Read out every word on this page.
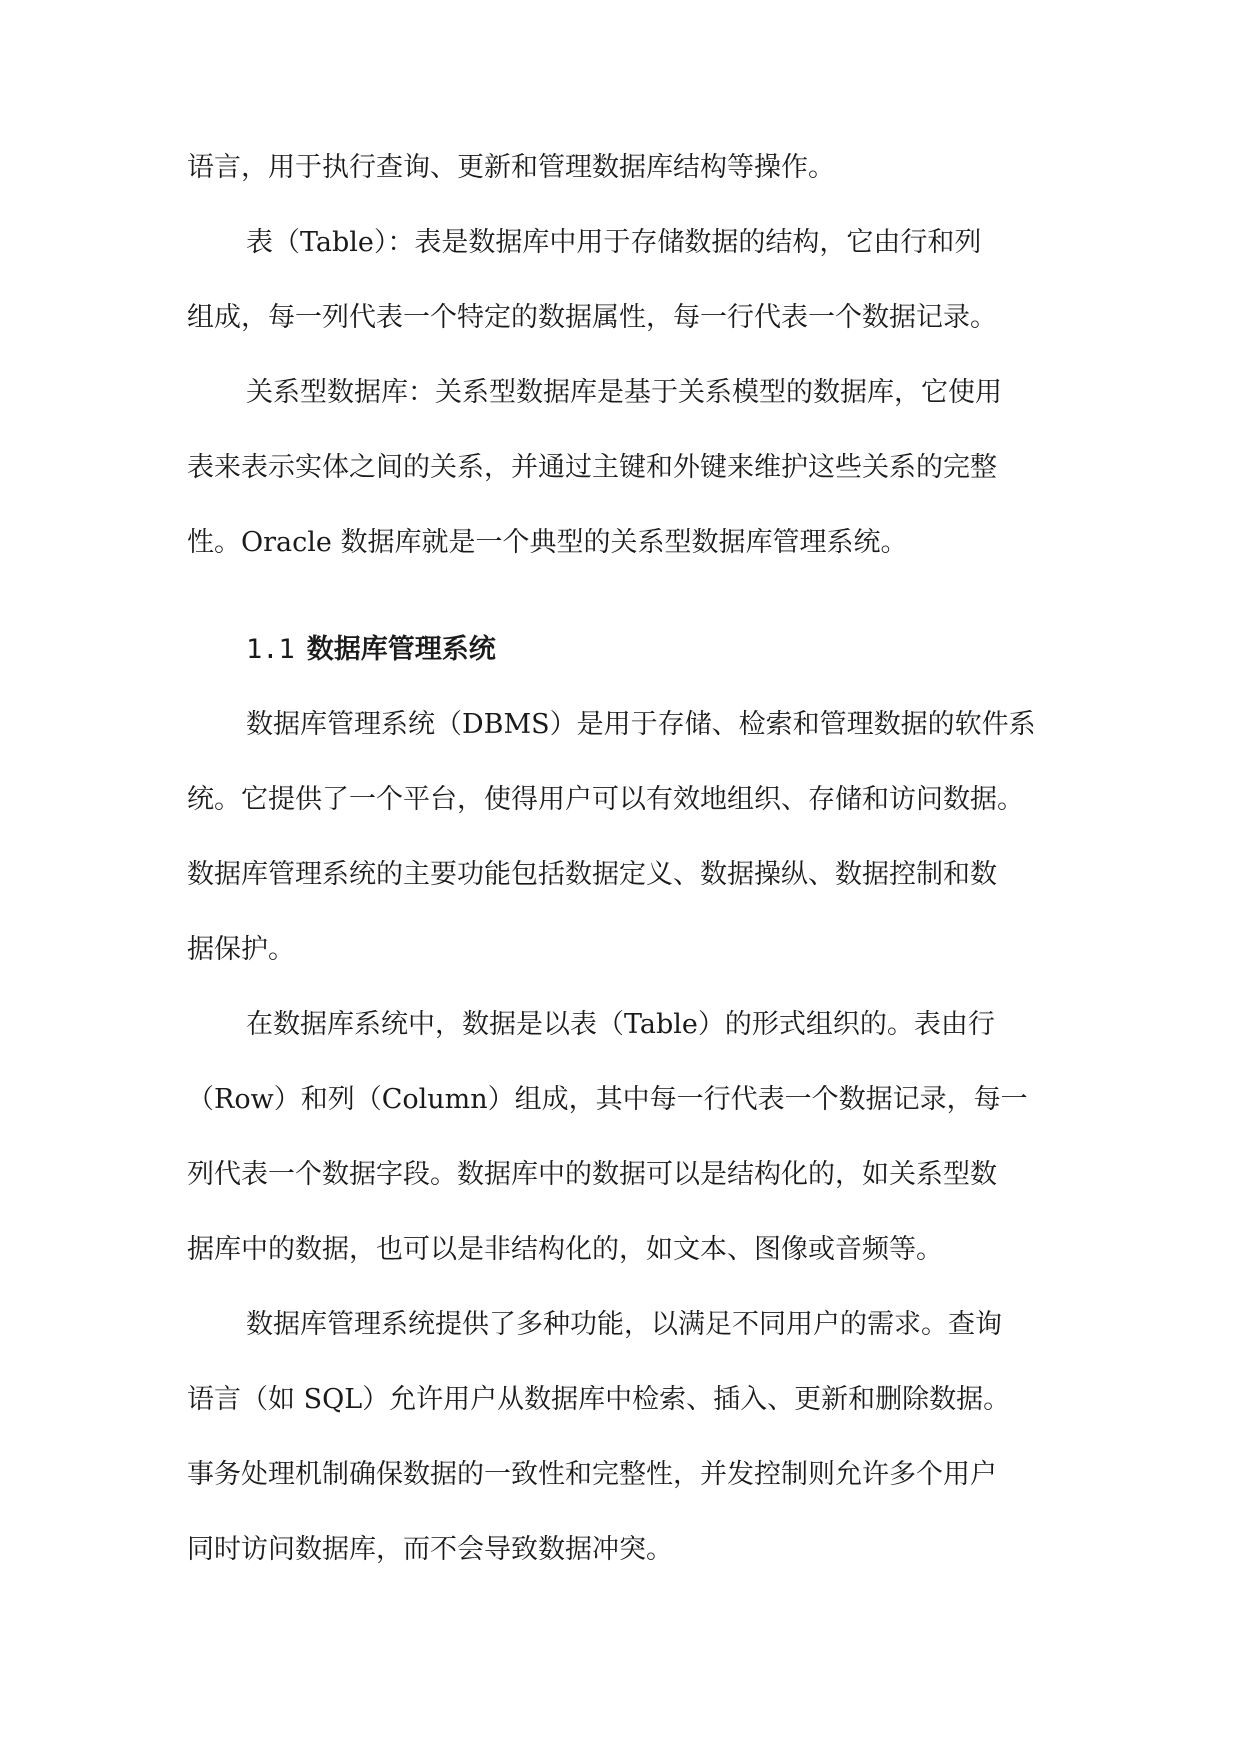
语言，用于执行查询、更新和管理数据库结构等操作。
表（Table）：表是数据库中用于存储数据的结构，它由行和列
组成，每一列代表一个特定的数据属性，每一行代表一个数据记录。
关系型数据库：关系型数据库是基于关系模型的数据库，它使用
表来表示实体之间的关系，并通过主键和外键来维护这些关系的完整
性。Oracle 数据库就是一个典型的关系型数据库管理系统。
1.1 数据库管理系统
数据库管理系统（DBMS）是用于存储、检索和管理数据的软件系
统。它提供了一个平台，使得用户可以有效地组织、存储和访问数据。
数据库管理系统的主要功能包括数据定义、数据操纵、数据控制和数
据保护。
在数据库系统中，数据是以表（Table）的形式组织的。表由行
（Row）和列（Column）组成，其中每一行代表一个数据记录，每一
列代表一个数据字段。数据库中的数据可以是结构化的，如关系型数
据库中的数据，也可以是非结构化的，如文本、图像或音频等。
数据库管理系统提供了多种功能，以满足不同用户的需求。查询
语言（如 SQL）允许用户从数据库中检索、插入、更新和删除数据。
事务处理机制确保数据的一致性和完整性，并发控制则允许多个用户
同时访问数据库，而不会导致数据冲突。
